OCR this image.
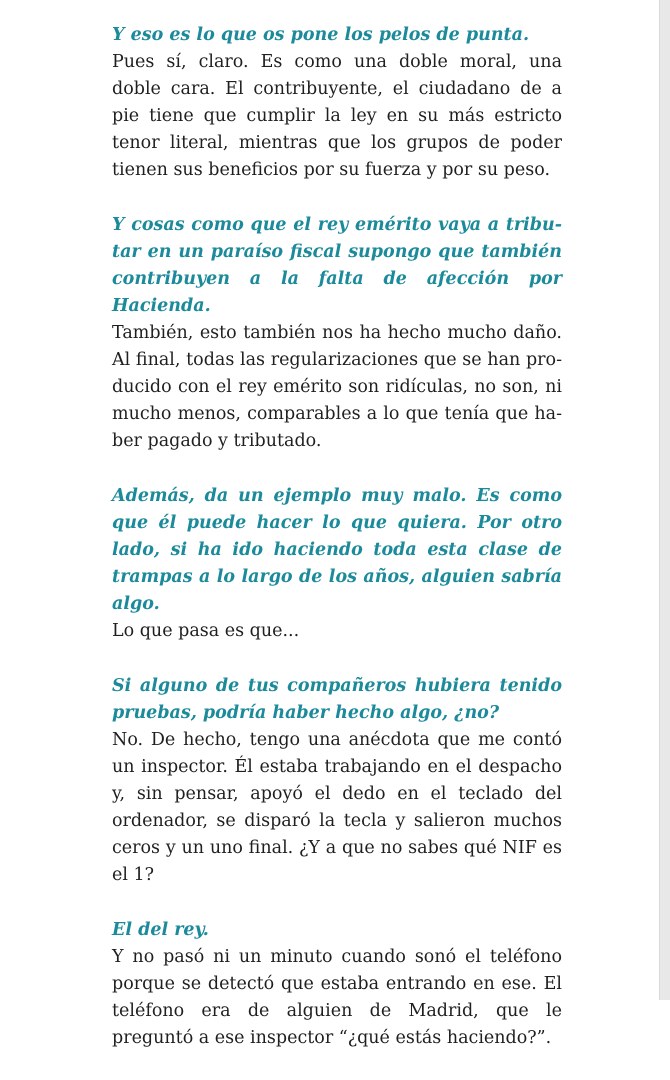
Y eso es lo que os pone los pelos de punta.

Pues sí, claro. Es como una doble moral, una doble cara. El contribuyente, el ciudadano de a pie tiene que cumplir la ley en su más estricto tenor literal, mientras que los grupos de poder tienen sus beneficios por su fuerza y por su peso.

Y cosas como que el rey emérito vaya a tributar en un paraíso fiscal supongo que también contribuyen a la falta de afección por Hacienda.

También, esto también nos ha hecho mucho daño. Al final, todas las regularizaciones que se han producido con el rey emérito son ridículas, no son, ni mucho menos, comparables a lo que tenía que haber pagado y tributado.

Además, da un ejemplo muy malo. Es como que él puede hacer lo que quiera. Por otro lado, si ha ido haciendo toda esta clase de trampas a lo largo de los años, alguien sabría algo.

Lo que pasa es que...

Si alguno de tus compañeros hubiera tenido pruebas, podría haber hecho algo, ¿no?

No. De hecho, tengo una anécdota que me contó un inspector. Él estaba trabajando en el despacho y, sin pensar, apoyó el dedo en el teclado del ordenador, se disparó la tecla y salieron muchos ceros y un uno final. ¿Y a que no sabes qué NIF es el 1?

El del rey.

Y no pasó ni un minuto cuando sonó el teléfono porque se detectó que estaba entrando en ese. El teléfono era de alguien de Madrid, que le preguntó a ese inspector “¿qué estás haciendo?”.
